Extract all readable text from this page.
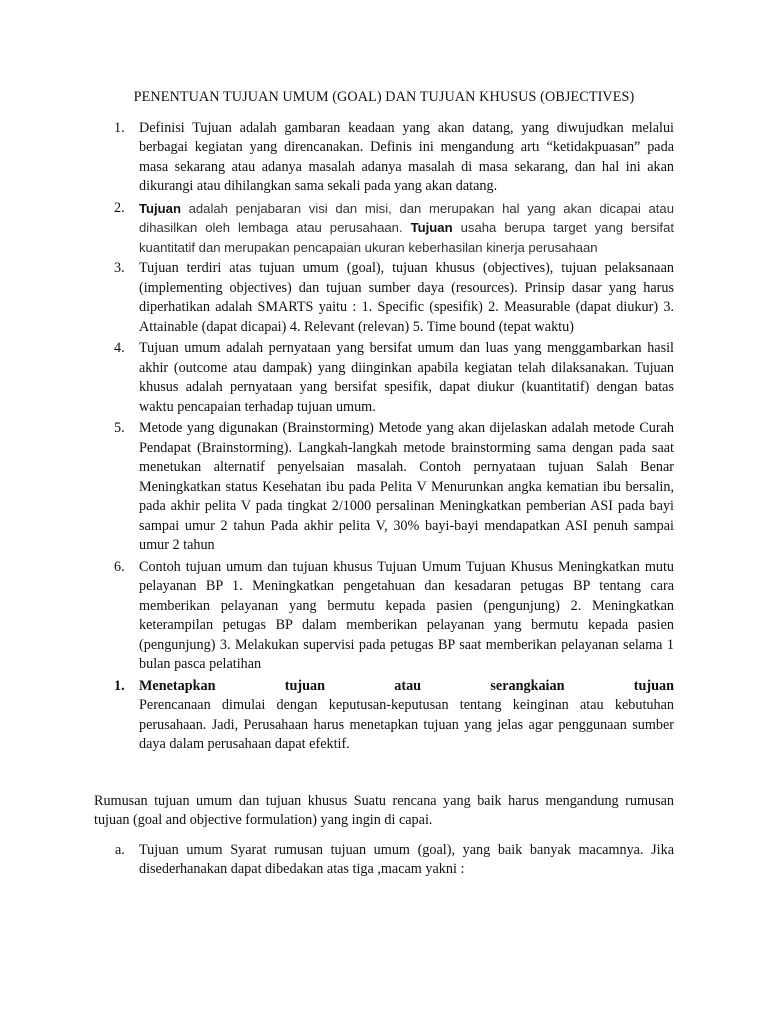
PENENTUAN TUJUAN UMUM (GOAL) DAN TUJUAN KHUSUS (OBJECTIVES)
1. Definisi Tujuan adalah gambaran keadaan yang akan datang, yang diwujudkan melalui berbagai kegiatan yang direncanakan. Definis ini mengandung artı “ketidakpuasan” pada masa sekarang atau adanya masalah adanya masalah di masa sekarang, dan hal ini akan dikurangi atau dihilangkan sama sekali pada yang akan datang.
2. Tujuan adalah penjabaran visi dan misi, dan merupakan hal yang akan dicapai atau dihasilkan oleh lembaga atau perusahaan. Tujuan usaha berupa target yang bersifat kuantitatif dan merupakan pencapaian ukuran keberhasilan kinerja perusahaan
3. Tujuan terdiri atas tujuan umum (goal), tujuan khusus (objectives), tujuan pelaksanaan (implementing objectives) dan tujuan sumber daya (resources). Prinsip dasar yang harus diperhatikan adalah SMARTS yaitu : 1. Specific (spesifik) 2. Measurable (dapat diukur) 3. Attainable (dapat dicapai) 4. Relevant (relevan) 5. Time bound (tepat waktu)
4. Tujuan umum adalah pernyataan yang bersifat umum dan luas yang menggambarkan hasil akhir (outcome atau dampak) yang diinginkan apabila kegiatan telah dilaksanakan. Tujuan khusus adalah pernyataan yang bersifat spesifik, dapat diukur (kuantitatif) dengan batas waktu pencapaian terhadap tujuan umum.
5. Metode yang digunakan (Brainstorming) Metode yang akan dijelaskan adalah metode Curah Pendapat (Brainstorming). Langkah-langkah metode brainstorming sama dengan pada saat menetukan alternatif penyelsaian masalah. Contoh pernyataan tujuan Salah Benar Meningkatkan status Kesehatan ibu pada Pelita V Menurunkan angka kematian ibu bersalin, pada akhir pelita V pada tingkat 2/1000 persalinan Meningkatkan pemberian ASI pada bayi sampai umur 2 tahun Pada akhir pelita V, 30% bayi-bayi mendapatkan ASI penuh sampai umur 2 tahun
6. Contoh tujuan umum dan tujuan khusus Tujuan Umum Tujuan Khusus Meningkatkan mutu pelayanan BP 1. Meningkatkan pengetahuan dan kesadaran petugas BP tentang cara memberikan pelayanan yang bermutu kepada pasien (pengunjung) 2. Meningkatkan keterampilan petugas BP dalam memberikan pelayanan yang bermutu kepada pasien (pengunjung) 3. Melakukan supervisi pada petugas BP saat memberikan pelayanan selama 1 bulan pasca pelatihan
1. Menetapkan tujuan atau serangkaian tujuan
Perencanaan dimulai dengan keputusan-keputusan tentang keinginan atau kebutuhan perusahaan. Jadi, Perusahaan harus menetapkan tujuan yang jelas agar penggunaan sumber daya dalam perusahaan dapat efektif.
Rumusan tujuan umum dan tujuan khusus Suatu rencana yang baik harus mengandung rumusan tujuan (goal and objective formulation) yang ingin di capai.
a. Tujuan umum Syarat rumusan tujuan umum (goal), yang baik banyak macamnya. Jika disederhanakan dapat dibedakan atas tiga ,macam yakni :
